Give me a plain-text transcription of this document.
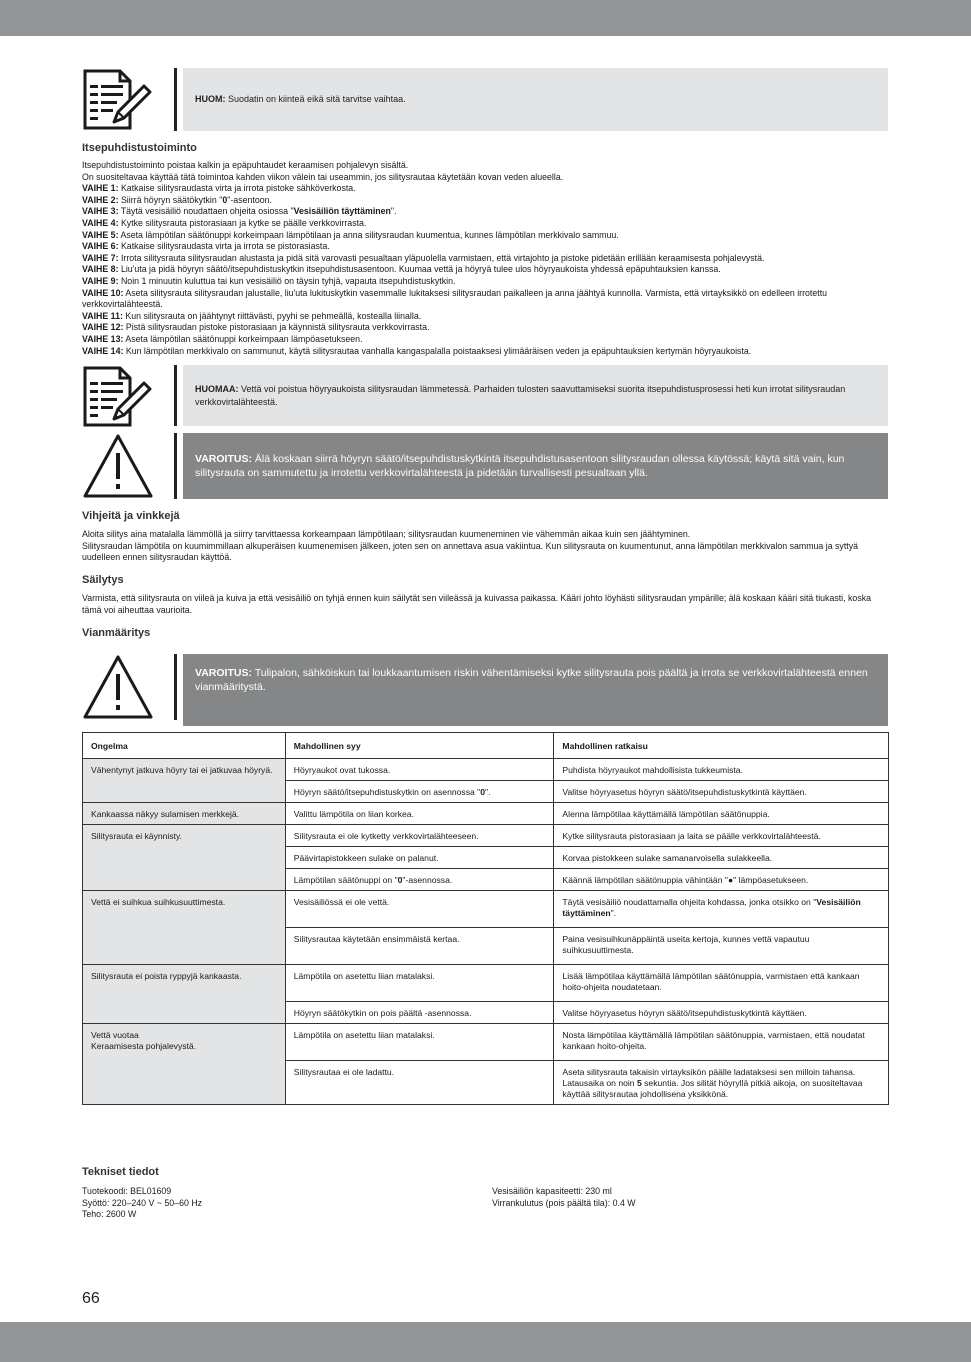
HUOM: Suodatin on kiinteä eikä sitä tarvitse vaihtaa.
Itsepuhdistustoiminto

Itsepuhdistustoiminto poistaa kalkin ja epäpuhtaudet keraamisen pohjalevyn sisältä.

On suositeltavaa käyttää tätä toimintoa kahden viikon välein tai useammin, jos silitysrautaa käytetään kovan veden alueella.

VAIHE 1: Katkaise silitysraudasta virta ja irrota pistoke sähköverkosta.

VAIHE 2: Siirrä höyryn säätökytkin "0"-asentoon.

VAIHE 3: Täytä vesisäiliö noudattaen ohjeita osiossa "Vesisäiliön täyttäminen".

VAIHE 4: Kytke silitysrauta pistorasiaan ja kytke se päälle verkkovirrasta.

VAIHE 5: Aseta lämpötilan säätönuppi korkeimpaan lämpötilaan ja anna silitysraudan kuumentua, kunnes lämpötilan merkkivalo sammuu.

VAIHE 6: Katkaise silitysraudasta virta ja irrota se pistorasiasta.

VAIHE 7: Irrota silitysrauta silitysraudan alustasta ja pidä sitä varovasti pesualtaan yläpuolella varmistaen, että virtajohto ja pistoke pidetään erillään keraamisesta pohjalevystä.

VAIHE 8: Liu'uta ja pidä höyryn säätö/itsepuhdistuskytkin itsepuhdistusasentoon. Kuumaa vettä ja höyryä tulee ulos höyryaukoista yhdessä epäpuhtauksien kanssa.

VAIHE 9: Noin 1 minuutin kuluttua tai kun vesisäiliö on täysin tyhjä, vapauta itsepuhdistuskytkin.

VAIHE 10: Aseta silitysrauta silitysraudan jalustalle, liu'uta lukituskytkin vasemmalle lukitaksesi silitysraudan paikalleen ja anna jäähtyä kunnolla. Varmista, että virtayksikkö on edelleen irrotettu verkkovirtalähteestä.

VAIHE 11: Kun silitysrauta on jäähtynyt riittävästi, pyyhi se pehmeällä, kostealla liinalla.

VAIHE 12: Pistä silitysraudan pistoke pistorasiaan ja käynnistä silitysrauta verkkovirrasta.

VAIHE 13: Aseta lämpötilan säätönuppi korkeimpaan lämpöasetukseen.

VAIHE 14: Kun lämpötilan merkkivalo on sammunut, käytä silitysrautaa vanhalla kangaspalalla poistaaksesi ylimääräisen veden ja epäpuhtauksien kertymän höyryaukoista.

HUOMAA: Vettä voi poistua höyryaukoista silitysraudan lämmetessä. Parhaiden tulosten saavuttamiseksi suorita itsepuhdistusprosessi heti kun irrotat silitysraudan verkkovirtalähteestä.
VAROITUS: Älä koskaan siirrä höyryn säätö/itsepuhdistuskytkintä itsepuhdistusasentoon silitysraudan ollessa käytössä; käytä sitä vain, kun silitysrauta on sammutettu ja irrotettu verkkovirtalähteestä ja pidetään turvallisesti pesualtaan yllä.
Vihjeitä ja vinkkejä

Aloita silitys aina matalalla lämmöllä ja siirry tarvittaessa korkeampaan lämpötilaan; silitysraudan kuumeneminen vie vähemmän aikaa kuin sen jäähtyminen.

Silitysraudan lämpötila on kuumimmillaan alkuperäisen kuumenemisen jälkeen, joten sen on annettava asua vakiintua. Kun silitysrauta on kuumentunut, anna lämpötilan merkkivalon sammua ja syttyä uudelleen ennen silitysraudan käyttöä.

Säilytys

Varmista, että silitysrauta on viileä ja kuiva ja että vesisäiliö on tyhjä ennen kuin säilytät sen viileässä ja kuivassa paikassa. Kääri johto löyhästi silitysraudan ympärille; älä koskaan kääri sitä tiukasti, koska tämä voi aiheuttaa vaurioita.

Vianmääritys
VAROITUS: Tulipalon, sähköiskun tai loukkaantumisen riskin vähentämiseksi kytke silitysrauta pois päältä ja irrota se verkkovirtalähteestä ennen vianmääritystä.
Ongelma	Mahdollinen syy	Mahdollinen ratkaisu
Vähentynyt jatkuva höyry tai ei jatkuvaa höyryä.	Höyryaukot ovat tukossa.	Puhdista höyryaukot mahdollisista tukkeumista.
	Höyryn säätö/itsepuhdistuskytkin on asennossa "0".	Valitse höyryasetus höyryn säätö/itsepuhdistuskytkintä käyttäen.
Kankaassa näkyy sulamisen merkkejä.	Valittu lämpötila on liian korkea.	Alenna lämpötilaa käyttämällä lämpötilan säätönuppia.
Silitysrauta ei käynnisty.	Silitysrauta ei ole kytketty verkkovirtalähteeseen.	Kytke silitysrauta pistorasiaan ja laita se päälle verkkovirtalähteestä.
	Päävirtapistokkeen sulake on palanut.	Korvaa pistokkeen sulake samanarvoisella sulakkeella.
	Lämpötilan säätönuppi on "0"-asennossa.	Käännä lämpötilan säätönuppia vähintään "●" lämpöasetukseen.
Vettä ei suihkua suihkusuuttimesta.	Vesisäiliössä ei ole vettä.	Täytä vesisäiliö noudattamalla ohjeita kohdassa, jonka otsikko on "Vesisäiliön täyttäminen".
	Silitysrautaa käytetään ensimmäistä kertaa.	Paina vesisuihkunäppäintä useita kertoja, kunnes vettä vapautuu suihkusuuttimesta.
Silitysrauta ei poista ryppyjä kankaasta.	Lämpötila on asetettu liian matalaksi.	Lisää lämpötilaa käyttämällä lämpötilan säätönuppia, varmistaen että kankaan hoito-ohjeita noudatetaan.
	Höyryn säätökytkin on pois päältä -asennossa.	Valitse höyryasetus höyryn säätö/itsepuhdistuskytkintä käyttäen.
Vettä vuotaa
Keraamisesta pohjalevystä.	Lämpötila on asetettu liian matalaksi.	Nosta lämpötilaa käyttämällä lämpötilan säätönuppia, varmistaen, että noudatat kankaan hoito-ohjeita.
	Silitysrautaa ei ole ladattu.	Aseta silitysrauta takaisin virtayksikön päälle ladataksesi sen milloin tahansa. Latausaika on noin 5 sekuntia. Jos silität höyryllä pitkiä aikoja, on suositeltavaa käyttää silitysrautaa johdollisena yksikkönä.
Tekniset tiedot
Tuotekoodi: BEL01609
Syöttö: 220–240 V ~ 50–60 Hz
Teho: 2600 W
Vesisäiliön kapasiteetti: 230 ml
Virrankulutus (pois päältä tila): 0.4 W
66
